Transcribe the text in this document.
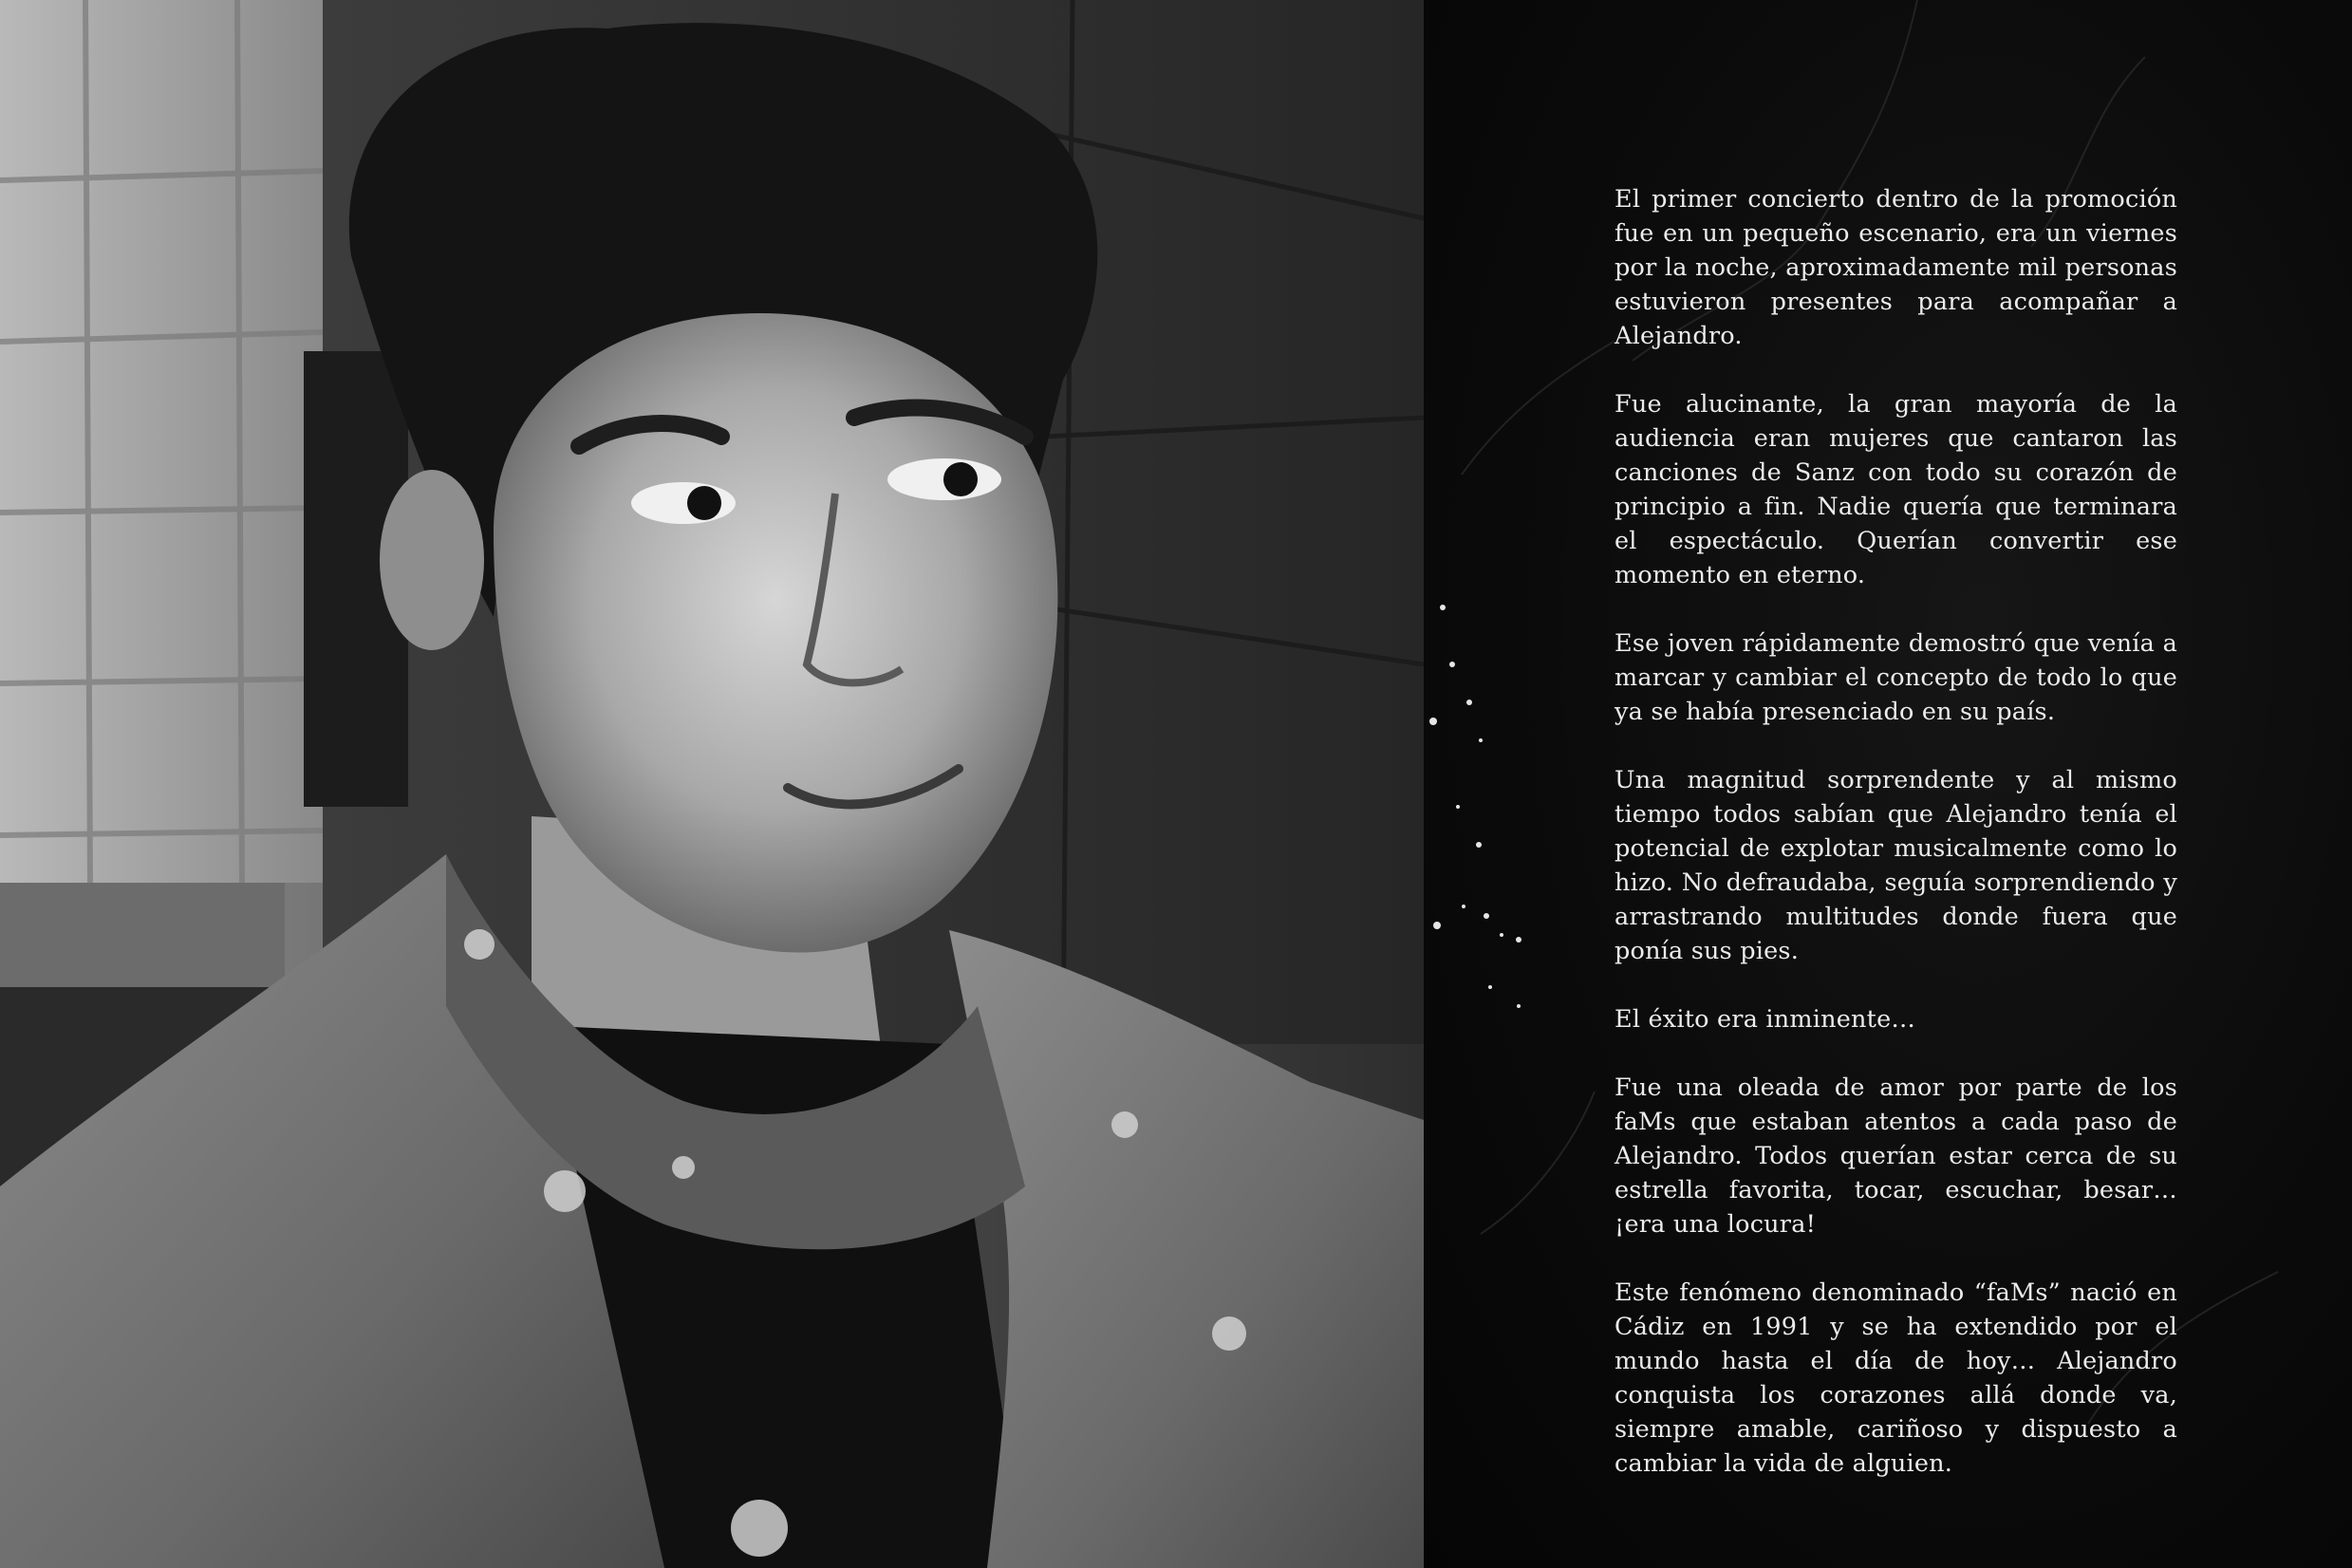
El primer concierto dentro de la promoción fue en un pequeño escenario, era un viernes por la noche, aproximadamente mil personas estuvieron presentes para acompañar a Alejandro.

Fue alucinante, la gran mayoría de la audiencia eran mujeres que cantaron las canciones de Sanz con todo su corazón de principio a fin. Nadie quería que terminara el espectáculo. Querían convertir ese momento en eterno.

Ese joven rápidamente demostró que venía a marcar y cambiar el concepto de todo lo que ya se había presenciado en su país.

Una magnitud sorprendente y al mismo tiempo todos sabían que Alejandro tenía el potencial de explotar musicalmente como lo hizo. No defraudaba, seguía sorprendiendo y arrastrando multitudes donde fuera que ponía sus pies.

El éxito era inminente…

Fue una oleada de amor por parte de los faMs que estaban atentos a cada paso de Alejandro. Todos querían estar cerca de su estrella favorita, tocar, escuchar, besar… ¡era una locura!

Este fenómeno denominado “faMs” nació en Cádiz en 1991 y se ha extendido por el mundo hasta el día de hoy… Alejandro conquista los corazones allá donde va, siempre amable, cariñoso y dispuesto a cambiar la vida de alguien.
